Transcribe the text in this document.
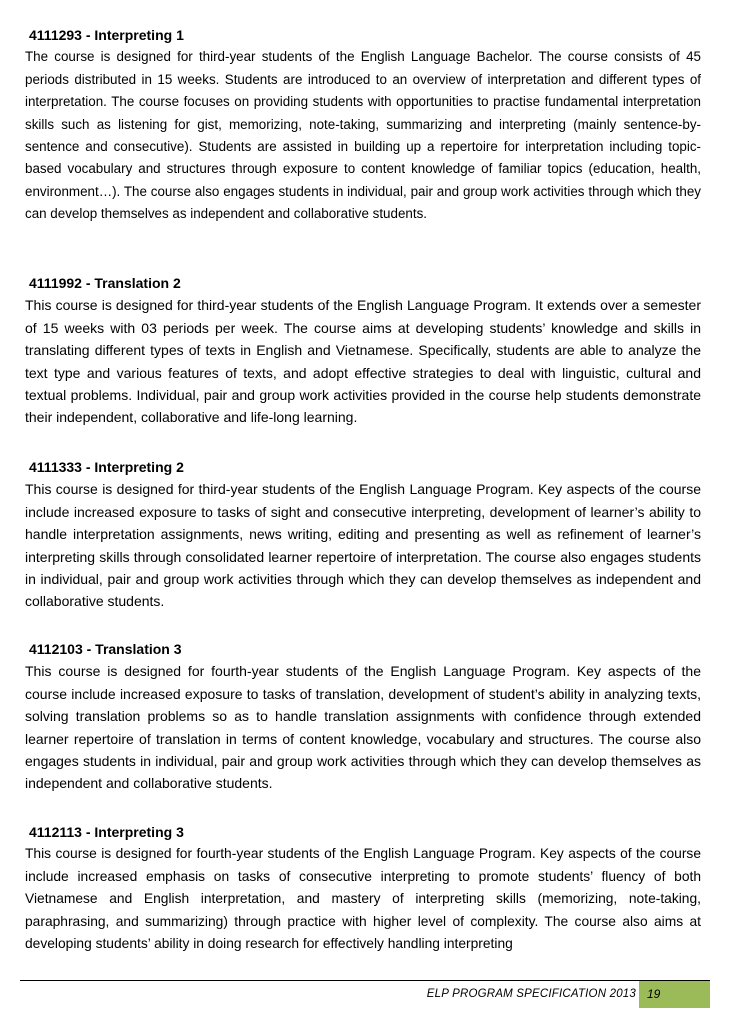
4111293 - Interpreting 1

The course is designed for third-year students of the English Language Bachelor. The course consists of 45 periods distributed in 15 weeks. Students are introduced to an overview of interpretation and different types of interpretation. The course focuses on providing students with opportunities to practise fundamental interpretation skills such as listening for gist, memorizing, note-taking, summarizing and interpreting (mainly sentence-by-sentence and consecutive). Students are assisted in building up a repertoire for interpretation including topic-based vocabulary and structures through exposure to content knowledge of familiar topics (education, health, environment…). The course also engages students in individual, pair and group work activities through which they can develop themselves as independent and collaborative students.

4111992 - Translation 2

This course is designed for third-year students of the English Language Program. It extends over a semester of 15 weeks with 03 periods per week. The course aims at developing students’ knowledge and skills in translating different types of texts in English and Vietnamese. Specifically, students are able to analyze the text type and various features of texts, and adopt effective strategies to deal with linguistic, cultural and textual problems. Individual, pair and group work activities provided in the course help students demonstrate their independent, collaborative and life-long learning.

4111333 - Interpreting 2

This course is designed for third-year students of the English Language Program. Key aspects of the course include increased exposure to tasks of sight and consecutive interpreting, development of learner’s ability to handle interpretation assignments, news writing, editing and presenting as well as refinement of learner’s interpreting skills through consolidated learner repertoire of interpretation. The course also engages students in individual, pair and group work activities through which they can develop themselves as independent and collaborative students.

4112103 - Translation 3

This course is designed for fourth-year students of the English Language Program. Key aspects of the course include increased exposure to tasks of translation, development of student’s ability in analyzing texts, solving translation problems so as to handle translation assignments with confidence through extended learner repertoire of translation in terms of content knowledge, vocabulary and structures. The course also engages students in individual, pair and group work activities through which they can develop themselves as independent and collaborative students.

4112113 - Interpreting 3

This course is designed for fourth-year students of the English Language Program. Key aspects of the course include increased emphasis on tasks of consecutive interpreting to promote students’ fluency of both Vietnamese and English interpretation, and mastery of interpreting skills (memorizing, note-taking, paraphrasing, and summarizing) through practice with higher level of complexity. The course also aims at developing students’ ability in doing research for effectively handling interpreting

ELP PROGRAM SPECIFICATION 2013 19
